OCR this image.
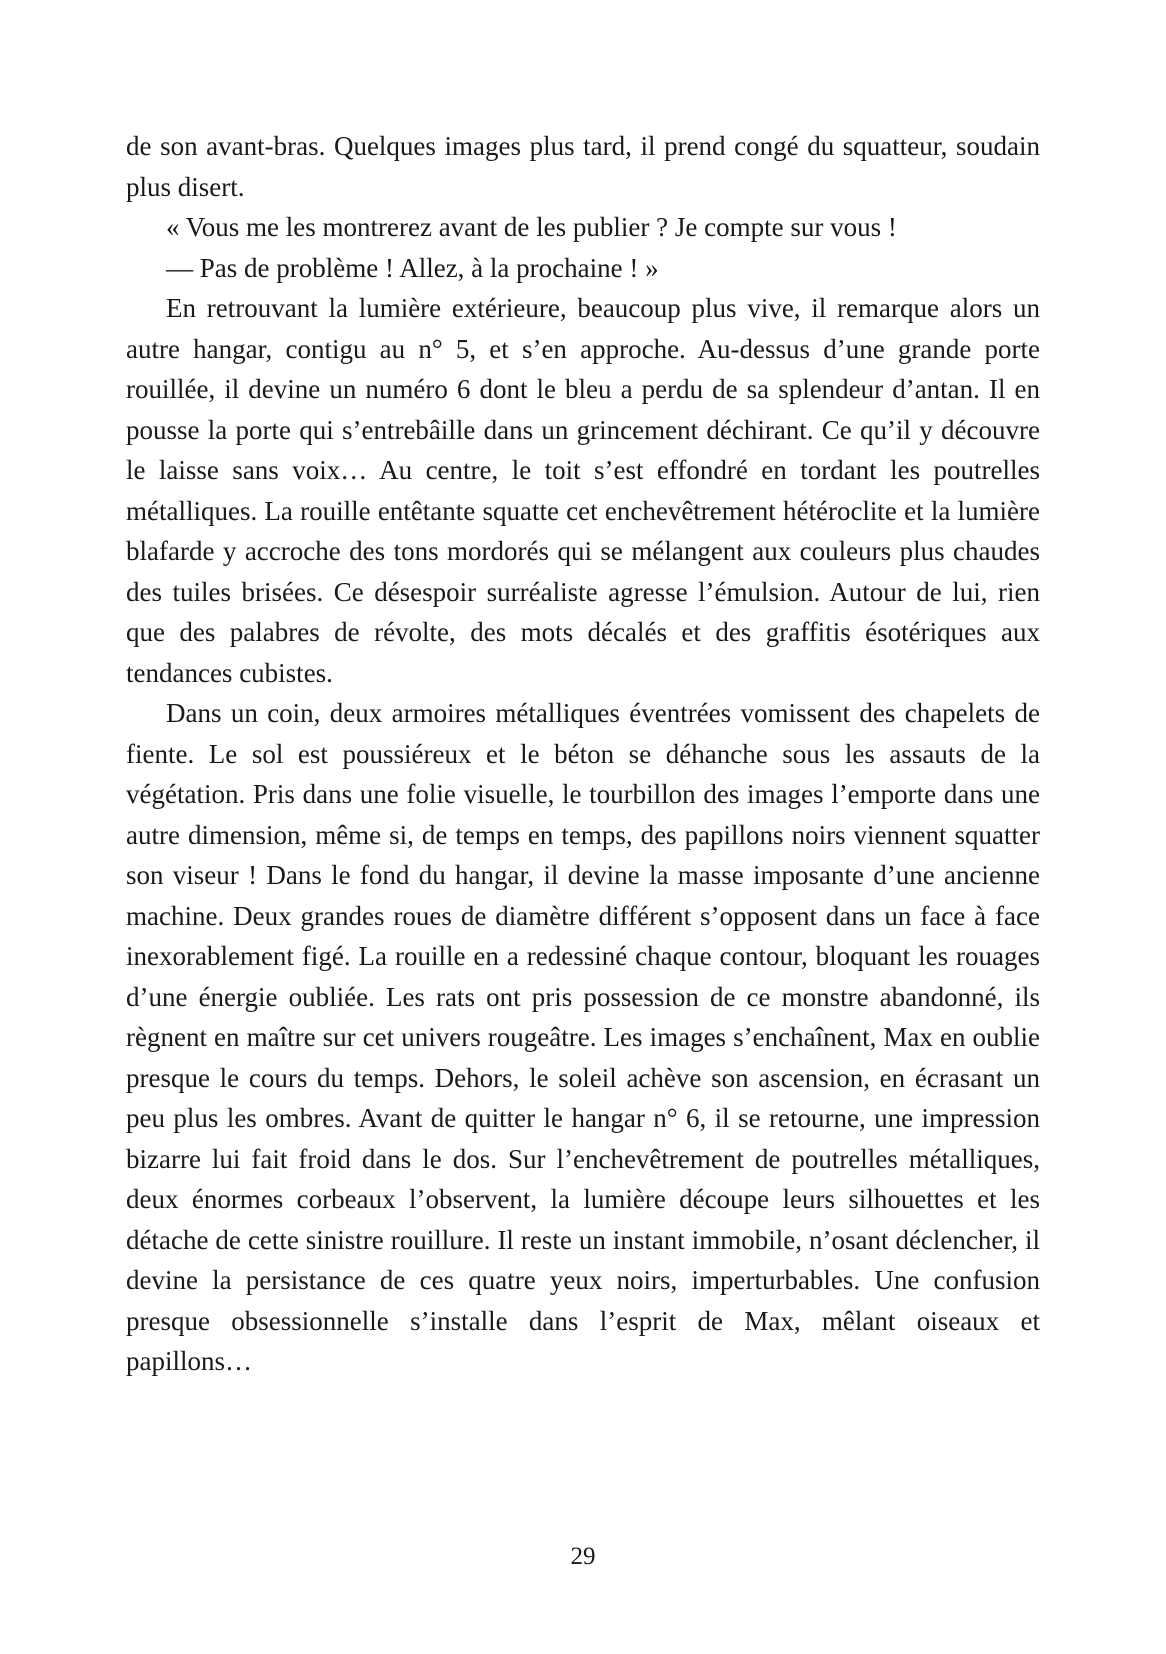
de son avant-bras. Quelques images plus tard, il prend congé du squatteur, soudain plus disert.

« Vous me les montrerez avant de les publier ? Je compte sur vous !

— Pas de problème ! Allez, à la prochaine ! »

En retrouvant la lumière extérieure, beaucoup plus vive, il remarque alors un autre hangar, contigu au n° 5, et s’en approche. Au-dessus d’une grande porte rouillée, il devine un numéro 6 dont le bleu a perdu de sa splendeur d’antan. Il en pousse la porte qui s’entrebâille dans un grincement déchirant. Ce qu’il y découvre le laisse sans voix… Au centre, le toit s’est effondré en tordant les poutrelles métalliques. La rouille entêtante squatte cet enchevêtrement hétéroclite et la lumière blafarde y accroche des tons mordorés qui se mélangent aux couleurs plus chaudes des tuiles brisées. Ce désespoir surréaliste agresse l’émulsion. Autour de lui, rien que des palabres de révolte, des mots décalés et des graffitis ésotériques aux tendances cubistes.

Dans un coin, deux armoires métalliques éventrées vomissent des chapelets de fiente. Le sol est poussiéreux et le béton se déhanche sous les assauts de la végétation. Pris dans une folie visuelle, le tourbillon des images l’emporte dans une autre dimension, même si, de temps en temps, des papillons noirs viennent squatter son viseur ! Dans le fond du hangar, il devine la masse imposante d’une ancienne machine. Deux grandes roues de diamètre différent s’opposent dans un face à face inexorablement figé. La rouille en a redessiné chaque contour, bloquant les rouages d’une énergie oubliée. Les rats ont pris possession de ce monstre abandonné, ils règnent en maître sur cet univers rougeâtre. Les images s’enchaînent, Max en oublie presque le cours du temps. Dehors, le soleil achève son ascension, en écrasant un peu plus les ombres. Avant de quitter le hangar n° 6, il se retourne, une impression bizarre lui fait froid dans le dos. Sur l’enchevêtrement de poutrelles métalliques, deux énormes corbeaux l’observent, la lumière découpe leurs silhouettes et les détache de cette sinistre rouillure. Il reste un instant immobile, n’osant déclencher, il devine la persistance de ces quatre yeux noirs, imperturbables. Une confusion presque obsessionnelle s’installe dans l’esprit de Max, mêlant oiseaux et papillons…

29
